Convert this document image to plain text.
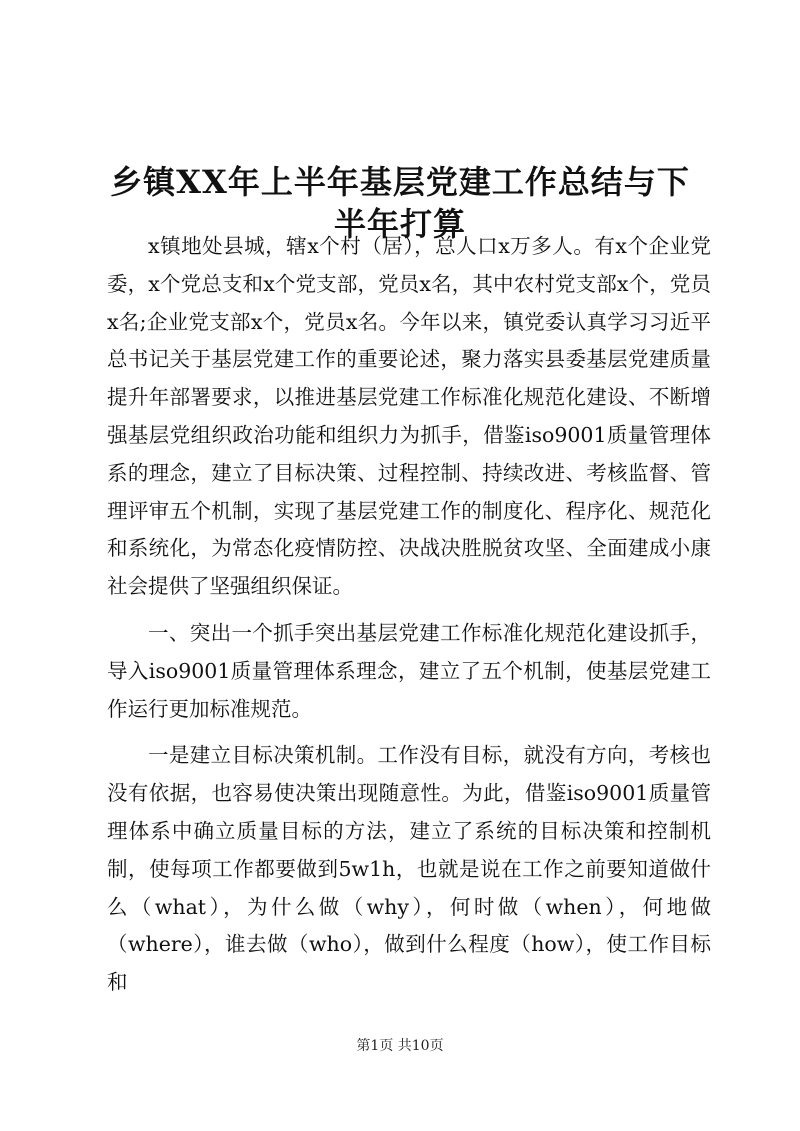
乡镇XX年上半年基层党建工作总结与下半年打算

x镇地处县城，辖x个村（居），总人口x万多人。有x个企业党委，x个党总支和x个党支部，党员x名，其中农村党支部x个，党员x名;企业党支部x个，党员x名。今年以来，镇党委认真学习习近平总书记关于基层党建工作的重要论述，聚力落实县委基层党建质量提升年部署要求，以推进基层党建工作标准化规范化建设、不断增强基层党组织政治功能和组织力为抓手，借鉴iso9001质量管理体系的理念，建立了目标决策、过程控制、持续改进、考核监督、管理评审五个机制，实现了基层党建工作的制度化、程序化、规范化和系统化，为常态化疫情防控、决战决胜脱贫攻坚、全面建成小康社会提供了坚强组织保证。

一、突出一个抓手突出基层党建工作标准化规范化建设抓手，导入iso9001质量管理体系理念，建立了五个机制，使基层党建工作运行更加标准规范。

一是建立目标决策机制。工作没有目标，就没有方向，考核也没有依据，也容易使决策出现随意性。为此，借鉴iso9001质量管理体系中确立质量目标的方法，建立了系统的目标决策和控制机制，使每项工作都要做到5w1h，也就是说在工作之前要知道做什么（what），为什么做（why），何时做（when），何地做（where），谁去做（who），做到什么程度（how），使工作目标和

第1页 共10页
